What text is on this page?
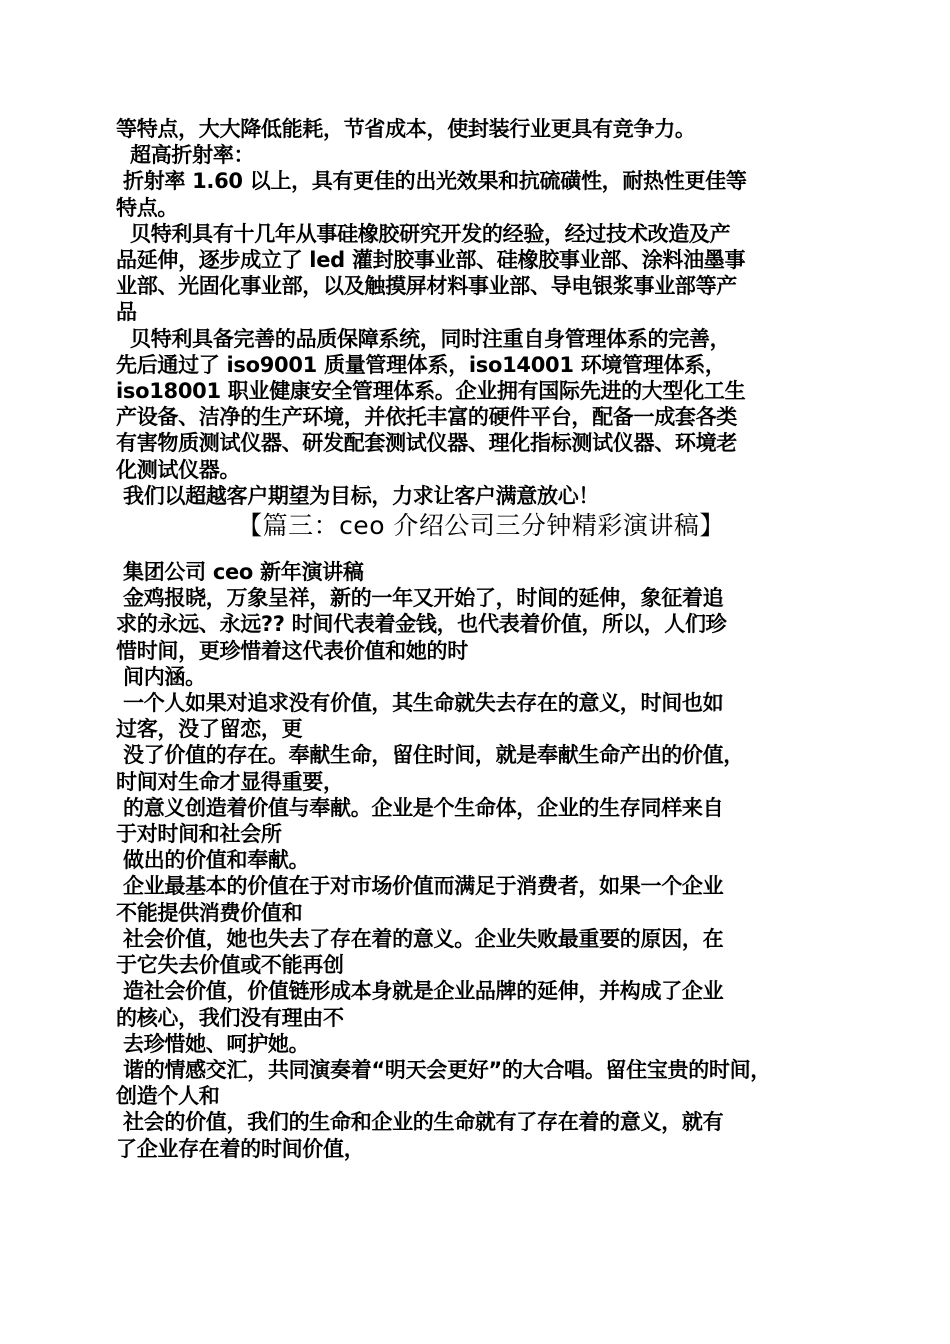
等特点，大大降低能耗，节省成本，使封装行业更具有竞争力。
超高折射率：
折射率 1.60 以上，具有更佳的出光效果和抗硫磺性，耐热性更佳等
特点。
贝特利具有十几年从事硅橡胶研究开发的经验，经过技术改造及产
品延伸，逐步成立了 led 灌封胶事业部、硅橡胶事业部、涂料油墨事
业部、光固化事业部，以及触摸屏材料事业部、导电银浆事业部等产
品
贝特利具备完善的品质保障系统，同时注重自身管理体系的完善，
先后通过了 iso9001 质量管理体系，iso14001 环境管理体系，
iso18001 职业健康安全管理体系。企业拥有国际先进的大型化工生
产设备、洁净的生产环境，并依托丰富的硬件平台，配备一成套各类
有害物质测试仪器、研发配套测试仪器、理化指标测试仪器、环境老
化测试仪器。
我们以超越客户期望为目标，力求让客户满意放心！
【篇三：ceo 介绍公司三分钟精彩演讲稿】
集团公司 ceo 新年演讲稿
金鸡报晓，万象呈祥，新的一年又开始了，时间的延伸，象征着追
求的永远、永远?? 时间代表着金钱，也代表着价值，所以，人们珍
惜时间，更珍惜着这代表价值和她的时
间内涵。
一个人如果对追求没有价值，其生命就失去存在的意义，时间也如
过客，没了留恋，更
没了价值的存在。奉献生命，留住时间，就是奉献生命产出的价值，
时间对生命才显得重要，
的意义创造着价值与奉献。企业是个生命体，企业的生存同样来自
于对时间和社会所
做出的价值和奉献。
企业最基本的价值在于对市场价值而满足于消费者，如果一个企业
不能提供消费价值和
社会价值，她也失去了存在着的意义。企业失败最重要的原因，在
于它失去价值或不能再创
造社会价值，价值链形成本身就是企业品牌的延伸，并构成了企业
的核心，我们没有理由不
去珍惜她、呵护她。
谐的情感交汇，共同演奏着“明天会更好”的大合唱。留住宝贵的时间，
创造个人和
社会的价值，我们的生命和企业的生命就有了存在着的意义，就有
了企业存在着的时间价值，
